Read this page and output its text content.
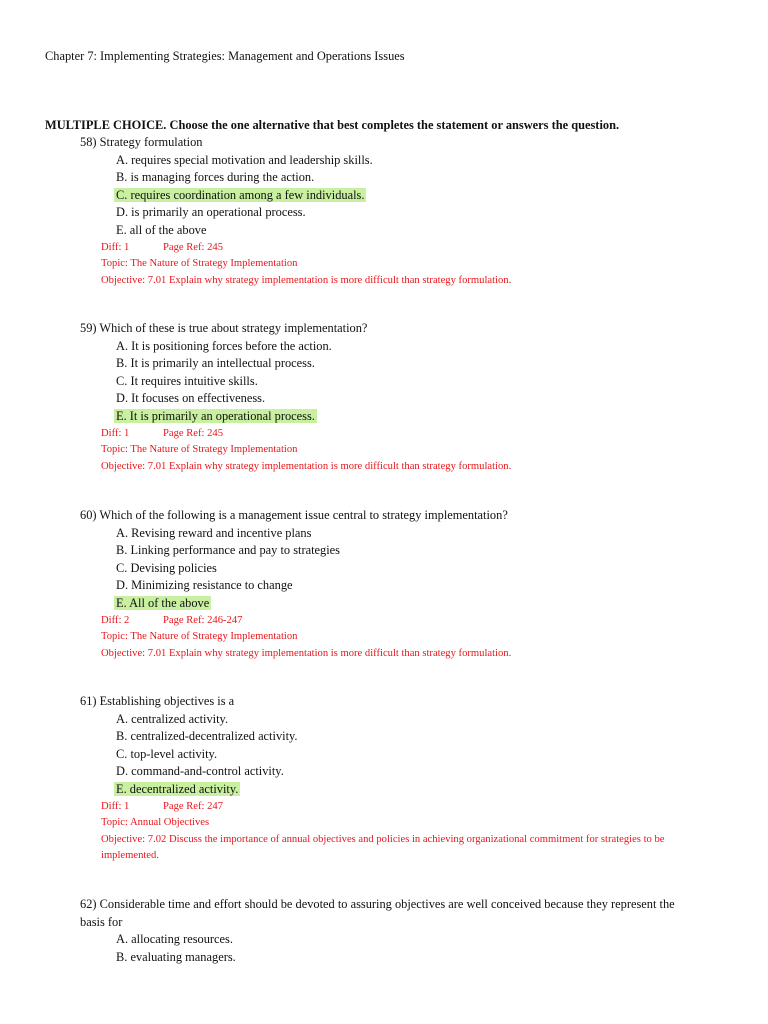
Chapter 7: Implementing Strategies: Management and Operations Issues
MULTIPLE CHOICE. Choose the one alternative that best completes the statement or answers the question.
58) Strategy formulation
A. requires special motivation and leadership skills.
B. is managing forces during the action.
C. requires coordination among a few individuals.
D. is primarily an operational process.
E. all of the above
Diff: 1	Page Ref: 245
Topic: The Nature of Strategy Implementation
Objective: 7.01 Explain why strategy implementation is more difficult than strategy formulation.
59) Which of these is true about strategy implementation?
A. It is positioning forces before the action.
B. It is primarily an intellectual process.
C. It requires intuitive skills.
D. It focuses on effectiveness.
E. It is primarily an operational process.
Diff: 1	Page Ref: 245
Topic: The Nature of Strategy Implementation
Objective: 7.01 Explain why strategy implementation is more difficult than strategy formulation.
60) Which of the following is a management issue central to strategy implementation?
A. Revising reward and incentive plans
B. Linking performance and pay to strategies
C. Devising policies
D. Minimizing resistance to change
E. All of the above
Diff: 2	Page Ref: 246-247
Topic: The Nature of Strategy Implementation
Objective: 7.01 Explain why strategy implementation is more difficult than strategy formulation.
61) Establishing objectives is a
A. centralized activity.
B. centralized-decentralized activity.
C. top-level activity.
D. command-and-control activity.
E. decentralized activity.
Diff: 1	Page Ref: 247
Topic: Annual Objectives
Objective: 7.02 Discuss the importance of annual objectives and policies in achieving organizational commitment for strategies to be implemented.
62) Considerable time and effort should be devoted to assuring objectives are well conceived because they represent the basis for
A. allocating resources.
B. evaluating managers.
